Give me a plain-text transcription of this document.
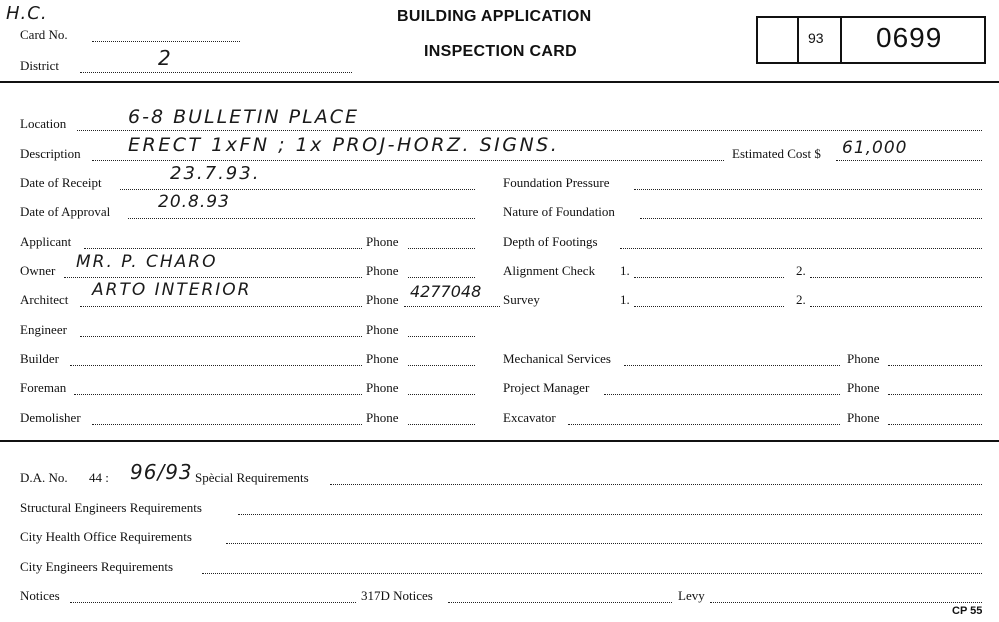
H.C.
Card No.
District	2
BUILDING APPLICATION
INSPECTION CARD
93 0699
Location	6-8 BULLETIN PLACE
Description ERECT 1xFN ; 1x PROJ-HORZ. SIGNS.	Estimated Cost $ 61,000
Date of Receipt	23.7.93.
Date of Approval	20.8.93
Applicant	Phone
Owner MR. P. CHARO	Phone
Architect ARTO INTERIOR	Phone 4277048
Engineer	Phone
Builder	Phone
Foreman	Phone
Demolisher	Phone
Foundation Pressure
Nature of Foundation
Depth of Footings
Alignment Check 1.	2.
Survey	1.	2.
Mechanical Services	Phone
Project Manager	Phone
Excavator	Phone
D.A. No. 44 : 96/93 Spècial Requirements
Structural Engineers Requirements
City Health Office Requirements
City Engineers Requirements
Notices	317D Notices	Levy
CP 55
